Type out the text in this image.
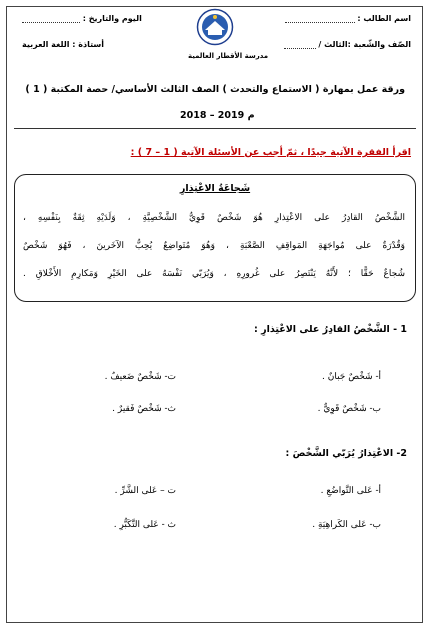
اسم الطالب :
الصّف والشّعبة :الثالث /
اليوم والتاريخ :
أستاذة : اللغة العربية
مدرسة الأقطار العالمية
ورقة عمل بمهارة ( الاستماع والتحدث ) الصف الثالث الأساسي/ حصة المكتبة ( 1 )
2018 – 2019 م
اقرأ الفقرة الآتية جيدًا ، ثمّ أجب عن الأسئلة الآتية ( 1 – 7 ) :
شَجاعَةُ الاعْتِذارِ
الشَّخْصُ القادِرُ على الاعْتِذارِ هُوَ شَخْصٌ قَوِيُّ الشَّخْصِيَّةِ ، وَلَدَيْهِ ثِقَةٌ بِنَفْسِهِ ،
وَقُدْرَةٌ على مُواجَهَةِ المَواقِفِ الصَّعْبَةِ ، وَهُوَ مُتَواضِعٌ يُحِبُّ الآخَرينَ ، فَهُوَ شَخْصٌ
شُجاعٌ حَقًّا ؛ لأَنَّهُ يَنْتَصِرُ على غُرورِهِ ، وَيُرَبّي نَفْسَهُ على الخَيْرِ وَمَكارِمِ الأَخْلاقِ .
1 - الشَّخْصُ القادِرُ على الاعْتِذارِ :
أ- شَخْصٌ جَبانٌ .
ت- شَخْصٌ ضَعيفٌ .
ب- شَخْصٌ قَوِيٌّ .
ث- شَخْصٌ فَقيرٌ .
2- الاعْتِذارُ يُرَبّي الشَّخْصَ :
أ- عَلى التَّواضُعِ .
ت – عَلى الشَّرِّ .
ب- عَلى الكَراهِيَةِ .
ث - عَلى التَّكَبُّرِ .
